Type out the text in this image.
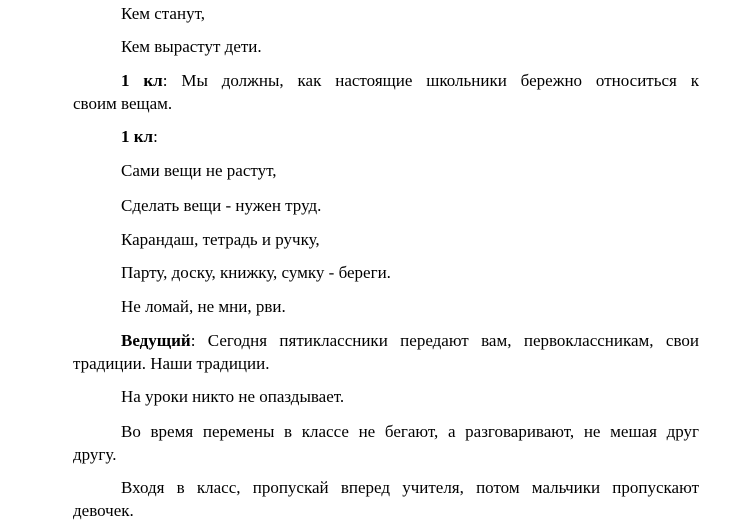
Кем станут,

Кем вырастут дети.

1 кл: Мы должны, как настоящие школьники бережно относиться к
своим вещам.

1 кл:

Сами вещи не растут,

Сделать вещи - нужен труд.

Карандаш, тетрадь и ручку,

Парту, доску, книжку, сумку - береги.

Не ломай, не мни, рви.

Ведущий: Сегодня пятиклассники передают вам, первоклассникам, свои
традиции. Наши традиции.

На уроки никто не опаздывает.

Во время перемены в классе не бегают, а разговаривают, не мешая друг
другу.

Входя в класс, пропускай вперед учителя, потом мальчики пропускают
девочек.
